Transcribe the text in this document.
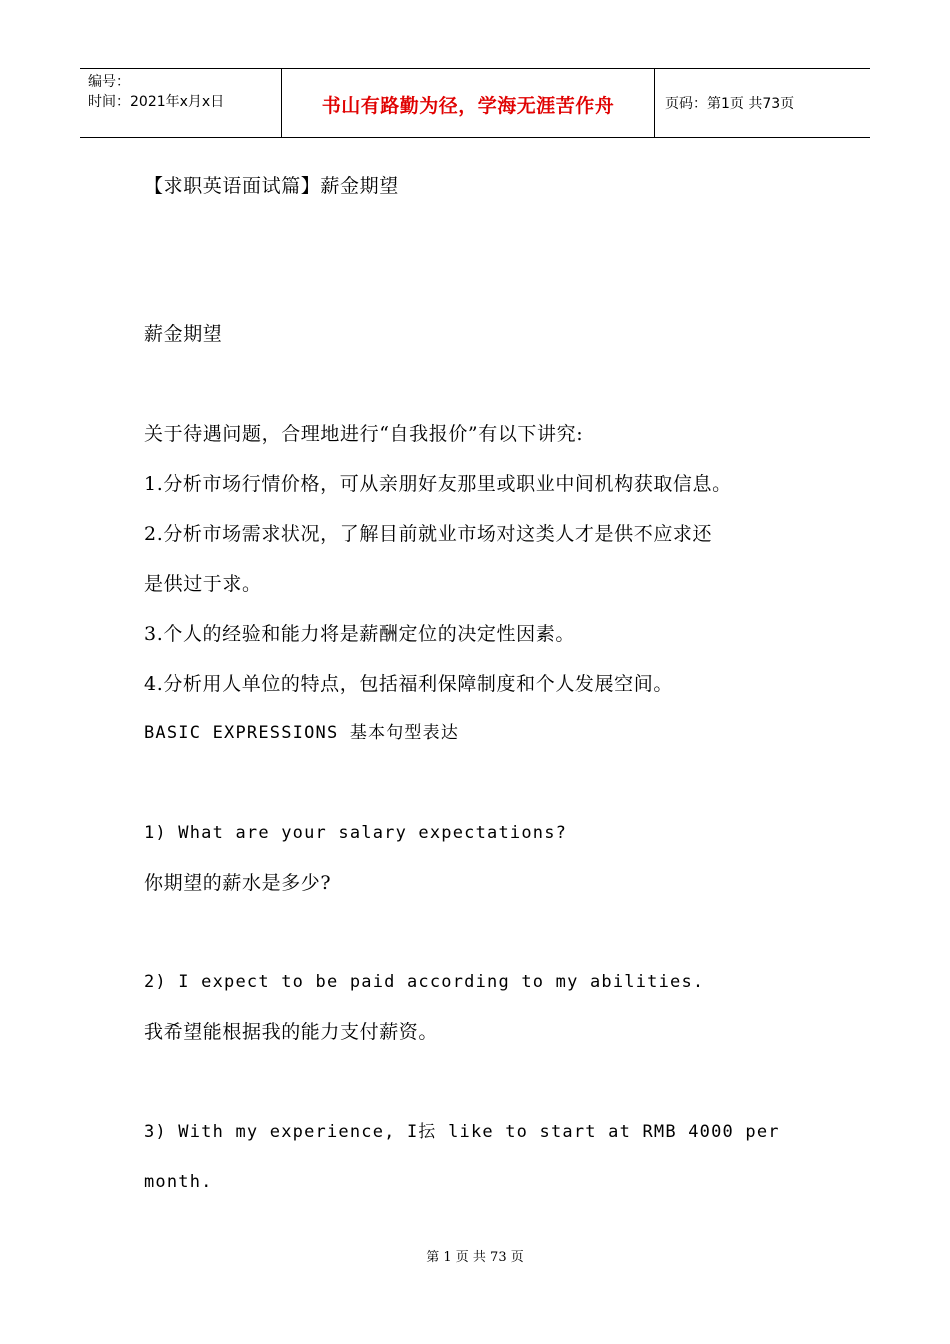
编号：
时间：2021年x月x日	书山有路勤为径，学海无涯苦作舟	页码：第1页 共73页
【求职英语面试篇】薪金期望
薪金期望
关于待遇问题，合理地进行“自我报价”有以下讲究:
1.分析市场行情价格，可从亲朋好友那里或职业中间机构获取信息。
2.分析市场需求状况，了解目前就业市场对这类人才是供不应求还
是供过于求。
3.个人的经验和能力将是薪酬定位的决定性因素。
4.分析用人单位的特点，包括福利保障制度和个人发展空间。
BASIC EXPRESSIONS 基本句型表达
1) What are your salary expectations?
你期望的薪水是多少?
2) I expect to be paid according to my abilities.
我希望能根据我的能力支付薪资。
3) With my experience, I抎 like to start at RMB 4000 per
month.
第 1 页 共 73 页
